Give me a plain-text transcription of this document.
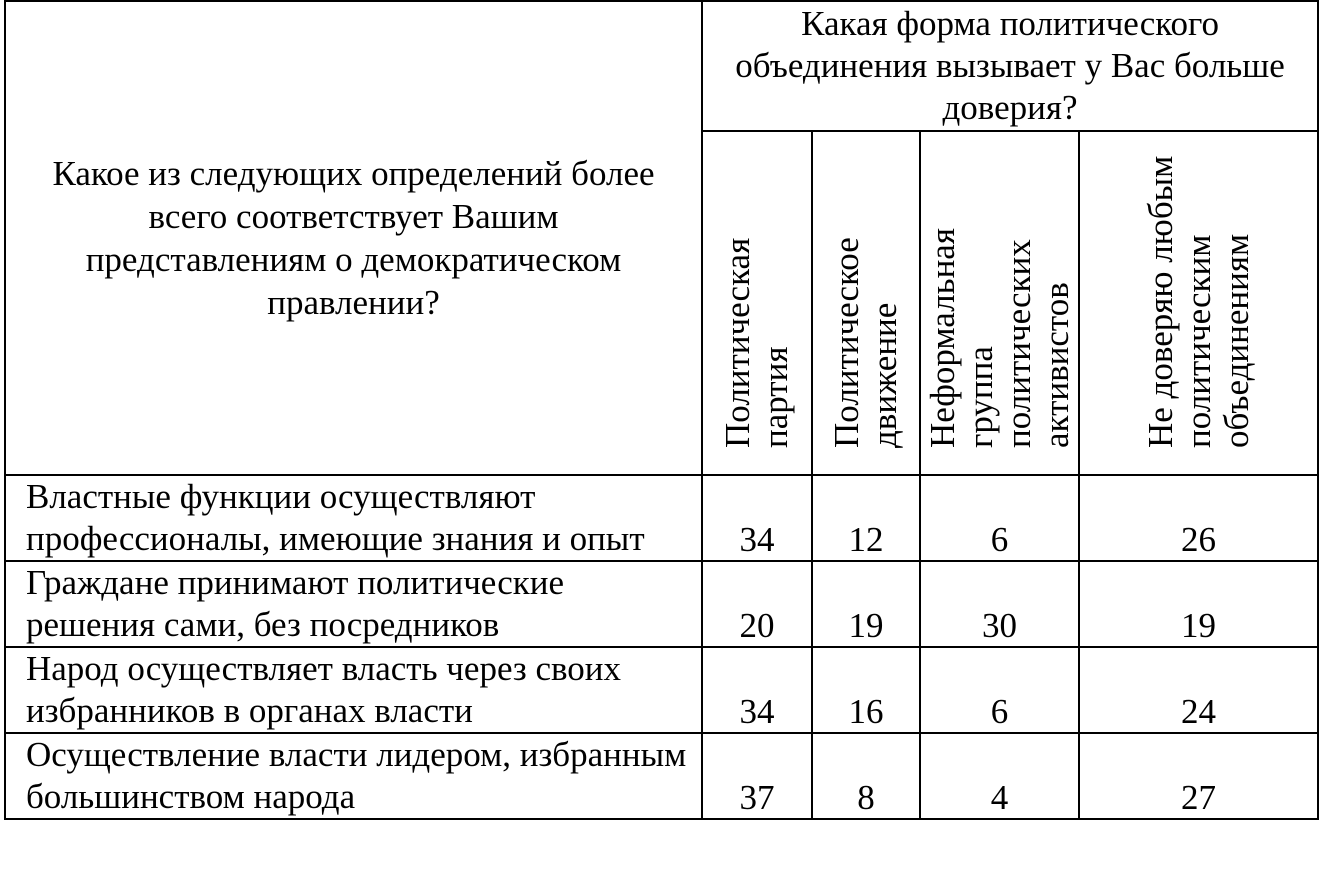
Какое из следующих определений более всего соответствует Вашим представлениям о демократическом правлении?	Какая форма политического объединения вызывает у Вас больше доверия?			
	Политическая партия	Политическое движение	Неформальная группа политических активистов	Не доверяю любым политическим объединениям
Властные функции осуществляют профессионалы, имеющие знания и опыт	34	12	6	26
Граждане принимают политические решения сами, без посредников	20	19	30	19
Народ осуществляет власть через своих избранников в органах власти	34	16	6	24
Осуществление власти лидером, избранным большинством народа	37	8	4	27
